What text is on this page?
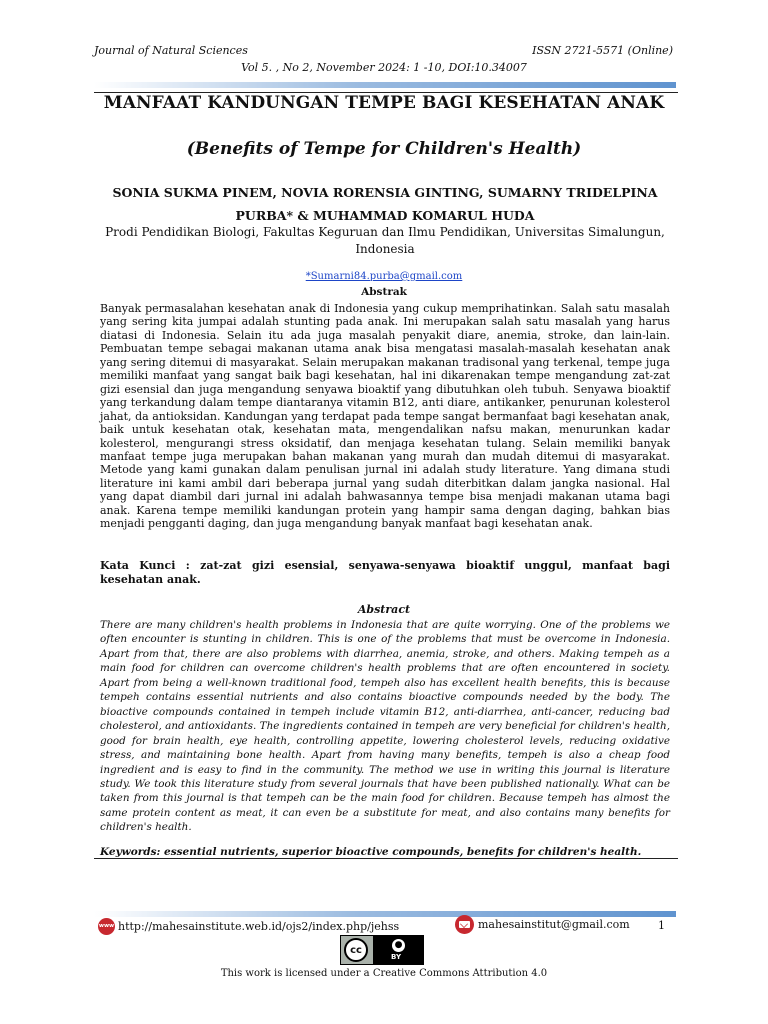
Journal of Natural Sciences	ISSN 2721-5571 (Online)
Vol 5. , No 2, November 2024: 1 -10, DOI:10.34007
MANFAAT KANDUNGAN TEMPE BAGI KESEHATAN ANAK
(Benefits of Tempe for Children's Health)
SONIA SUKMA PINEM, NOVIA RORENSIA GINTING, SUMARNY TRIDELPINA PURBA* & MUHAMMAD KOMARUL HUDA
Prodi Pendidikan Biologi, Fakultas Keguruan dan Ilmu Pendidikan, Universitas Simalungun, Indonesia
*Sumarni84.purba@gmail.com
Abstrak
Banyak permasalahan kesehatan anak di Indonesia yang cukup memprihatinkan. Salah satu masalah yang sering kita jumpai adalah stunting pada anak. Ini merupakan salah satu masalah yang harus diatasi di Indonesia. Selain itu ada juga masalah penyakit diare, anemia, stroke, dan lain-lain. Pembuatan tempe sebagai makanan utama anak bisa mengatasi masalah-masalah kesehatan anak yang sering ditemui di masyarakat. Selain merupakan makanan tradisonal yang terkenal, tempe juga memiliki manfaat yang sangat baik bagi kesehatan, hal ini dikarenakan tempe mengandung zat-zat gizi esensial dan juga mengandung senyawa bioaktif yang dibutuhkan oleh tubuh. Senyawa bioaktif yang terkandung dalam tempe diantaranya vitamin B12, anti diare, antikanker, penurunan kolesterol jahat, da antioksidan. Kandungan yang terdapat pada tempe sangat bermanfaat bagi kesehatan anak, baik untuk kesehatan otak, kesehatan mata, mengendalikan nafsu makan, menurunkan kadar kolesterol, mengurangi stress oksidatif, dan menjaga kesehatan tulang. Selain memiliki banyak manfaat tempe juga merupakan bahan makanan yang murah dan mudah ditemui di masyarakat. Metode yang kami gunakan dalam penulisan jurnal ini adalah study literature. Yang dimana studi literature ini kami ambil dari beberapa jurnal yang sudah diterbitkan dalam jangka nasional. Hal yang dapat diambil dari jurnal ini adalah bahwasannya tempe bisa menjadi makanan utama bagi anak. Karena tempe memiliki kandungan protein yang hampir sama dengan daging, bahkan bias menjadi pengganti daging, dan juga mengandung banyak manfaat bagi kesehatan anak.
Kata Kunci : zat-zat gizi esensial, senyawa-senyawa bioaktif unggul, manfaat bagi kesehatan anak.
Abstract
There are many children's health problems in Indonesia that are quite worrying. One of the problems we often encounter is stunting in children. This is one of the problems that must be overcome in Indonesia. Apart from that, there are also problems with diarrhea, anemia, stroke, and others. Making tempeh as a main food for children can overcome children's health problems that are often encountered in society. Apart from being a well-known traditional food, tempeh also has excellent health benefits, this is because tempeh contains essential nutrients and also contains bioactive compounds needed by the body. The bioactive compounds contained in tempeh include vitamin B12, anti-diarrhea, anti-cancer, reducing bad cholesterol, and antioxidants. The ingredients contained in tempeh are very beneficial for children's health, good for brain health, eye health, controlling appetite, lowering cholesterol levels, reducing oxidative stress, and maintaining bone health. Apart from having many benefits, tempeh is also a cheap food ingredient and is easy to find in the community. The method we use in writing this journal is literature study. We took this literature study from several journals that have been published nationally. What can be taken from this journal is that tempeh can be the main food for children. Because tempeh has almost the same protein content as meat, it can even be a substitute for meat, and also contains many benefits for children's health.
Keywords: essential nutrients, superior bioactive compounds, benefits for children's health.
www http://mahesainstitute.web.id/ojs2/index.php/jehss	mahesainstitut@gmail.com	1
cc	●
BY
This work is licensed under a Creative Commons Attribution 4.0
